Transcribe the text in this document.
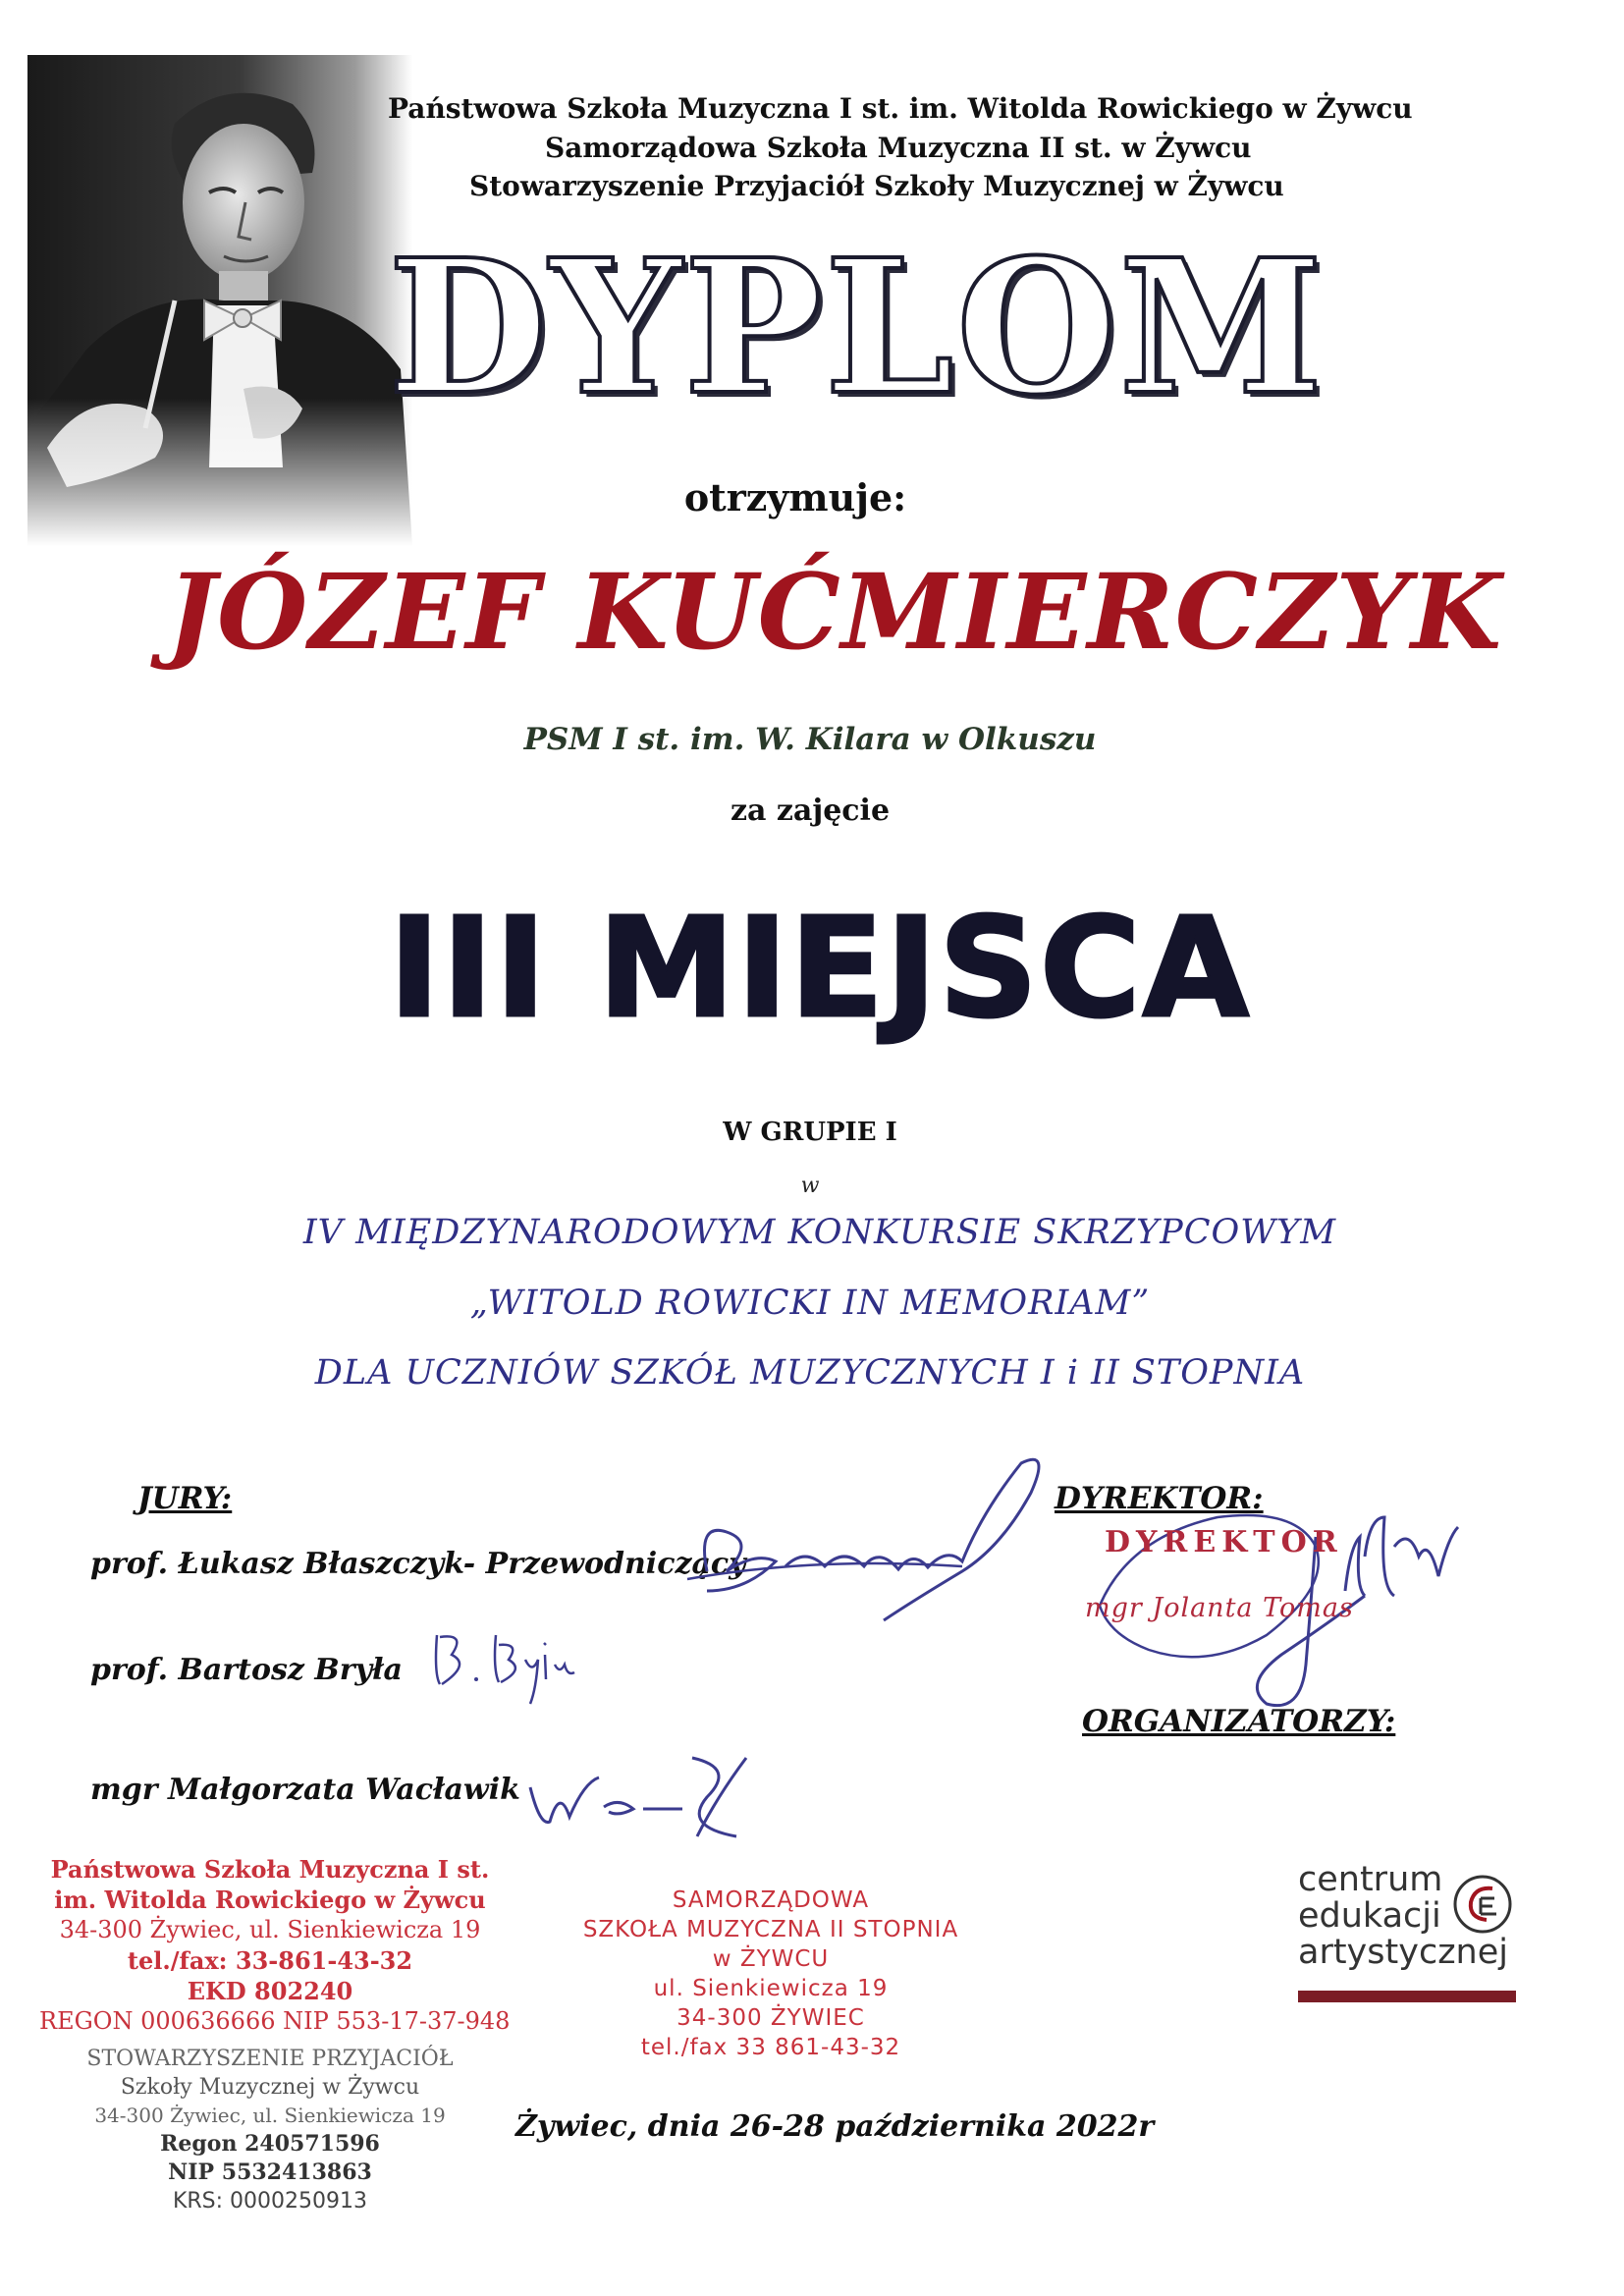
Państwowa Szkoła Muzyczna I st. im. Witolda Rowickiego w Żywcu
Samorządowa Szkoła Muzyczna II st. w Żywcu
Stowarzyszenie Przyjaciół Szkoły Muzycznej w Żywcu
DYPLOM
otrzymuje:
JÓZEF KUĆMIERCZYK
PSM I st. im. W. Kilara w Olkuszu
za zajęcie
III MIEJSCA
W GRUPIE I
w
IV MIĘDZYNARODOWYM KONKURSIE SKRZYPCOWYM
„WITOLD ROWICKI IN MEMORIAM”
DLA UCZNIÓW SZKÓŁ MUZYCZNYCH I i II STOPNIA
JURY:
prof. Łukasz Błaszczyk- Przewodniczący
prof. Bartosz Bryła
mgr Małgorzata Wacławik
DYREKTOR:
DYREKTOR
mgr Jolanta Tomas
ORGANIZATORZY:
Państwowa Szkoła Muzyczna I st.
im. Witolda Rowickiego w Żywcu
34-300 Żywiec, ul. Sienkiewicza 19
tel./fax: 33-861-43-32
EKD 802240
REGON 000636666 NIP 553-17-37-948
SAMORZĄDOWA
SZKOŁA MUZYCZNA II STOPNIA
w ŻYWCU
ul. Sienkiewicza 19
34-300 ŻYWIEC
tel./fax 33 861-43-32
STOWARZYSZENIE PRZYJACIÓŁ
Szkoły Muzycznej w Żywcu
34-300 Żywiec, ul. Sienkiewicza 19
Regon 240571596
NIP 5532413863
KRS: 0000250913
Żywiec, dnia 26-28 października 2022r
centrum
edukacji
artystycznej
